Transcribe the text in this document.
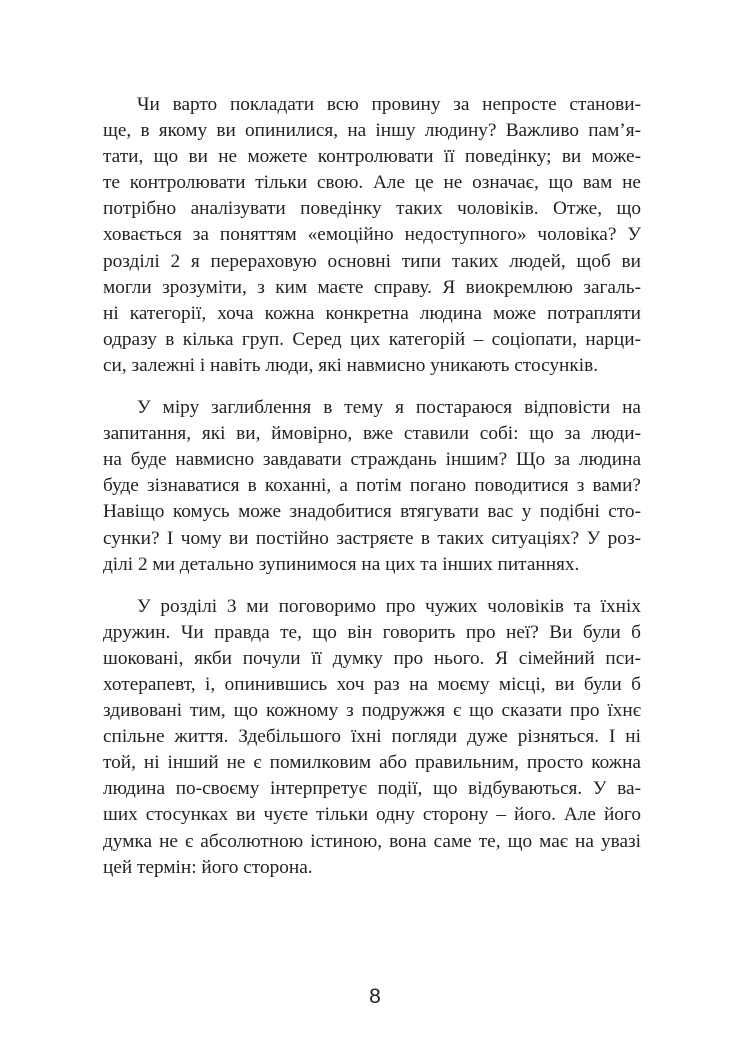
Чи варто покладати всю провину за непросте станови-
ще, в якому ви опинилися, на іншу людину? Важливо пам’я-
тати, що ви не можете контролювати її поведінку; ви може-
те контролювати тільки свою. Але це не означає, що вам не
потрібно аналізувати поведінку таких чоловіків. Отже, що
ховається за поняттям «емоційно недоступного» чоловіка? У
розділі 2 я перераховую основні типи таких людей, щоб ви
могли зрозуміти, з ким маєте справу. Я виокремлюю загаль-
ні категорії, хоча кожна конкретна людина може потрапляти
одразу в кілька груп. Серед цих категорій – соціопати, нарци-
си, залежні і навіть люди, які навмисно уникають стосунків.
У міру заглиблення в тему я постараюся відповісти на
запитання, які ви, ймовірно, вже ставили собі: що за люди-
на буде навмисно завдавати страждань іншим? Що за людина
буде зізнаватися в коханні, а потім погано поводитися з вами?
Навіщо комусь може знадобитися втягувати вас у подібні сто-
сунки? І чому ви постійно застряєте в таких ситуаціях? У роз-
ділі 2 ми детально зупинимося на цих та інших питаннях.
У розділі 3 ми поговоримо про чужих чоловіків та їхніх
дружин. Чи правда те, що він говорить про неї? Ви були б
шоковані, якби почули її думку про нього. Я сімейний пси-
хотерапевт, і, опинившись хоч раз на моєму місці, ви були б
здивовані тим, що кожному з подружжя є що сказати про їхнє
спільне життя. Здебільшого їхні погляди дуже різняться. І ні
той, ні інший не є помилковим або правильним, просто кожна
людина по-своєму інтерпретує події, що відбуваються. У ва-
ших стосунках ви чуєте тільки одну сторону – його. Але його
думка не є абсолютною істиною, вона саме те, що має на увазі
цей термін: його сторона.
8
